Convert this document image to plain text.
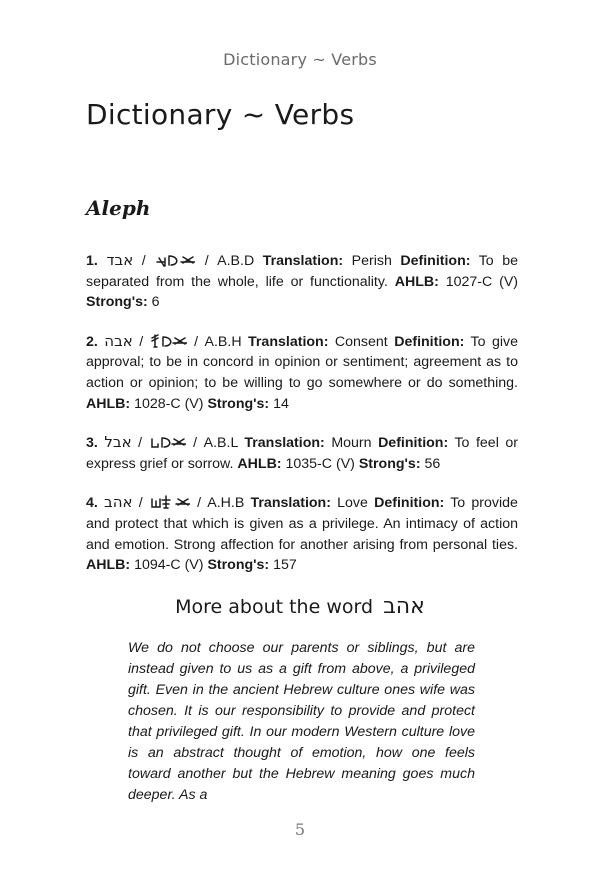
Dictionary ~ Verbs
Dictionary ~ Verbs
Aleph

1. אבד /	/ A.B.D Translation: Perish Definition: To be separated from the whole, life or functionality. AHLB: 1027-C (V) Strong's: 6

2. אבה /	/ A.B.H Translation: Consent Definition: To give approval; to be in concord in opinion or sentiment; agreement as to action or opinion; to be willing to go somewhere or do something. AHLB: 1028-C (V) Strong's: 14

3. אבל /	/ A.B.L Translation: Mourn Definition: To feel or express grief or sorrow. AHLB: 1035-C (V) Strong's: 56

4. אהב /	/ A.H.B Translation: Love Definition: To provide and protect that which is given as a privilege. An intimacy of action and emotion. Strong affection for another arising from personal ties. AHLB: 1094-C (V) Strong's: 157

More about the word אהב

We do not choose our parents or siblings, but are instead given to us as a gift from above, a privileged gift. Even in the ancient Hebrew culture ones wife was chosen. It is our responsibility to provide and protect that privileged gift. In our modern Western culture love is an abstract thought of emotion, how one feels toward another but the Hebrew meaning goes much deeper. As a

5
